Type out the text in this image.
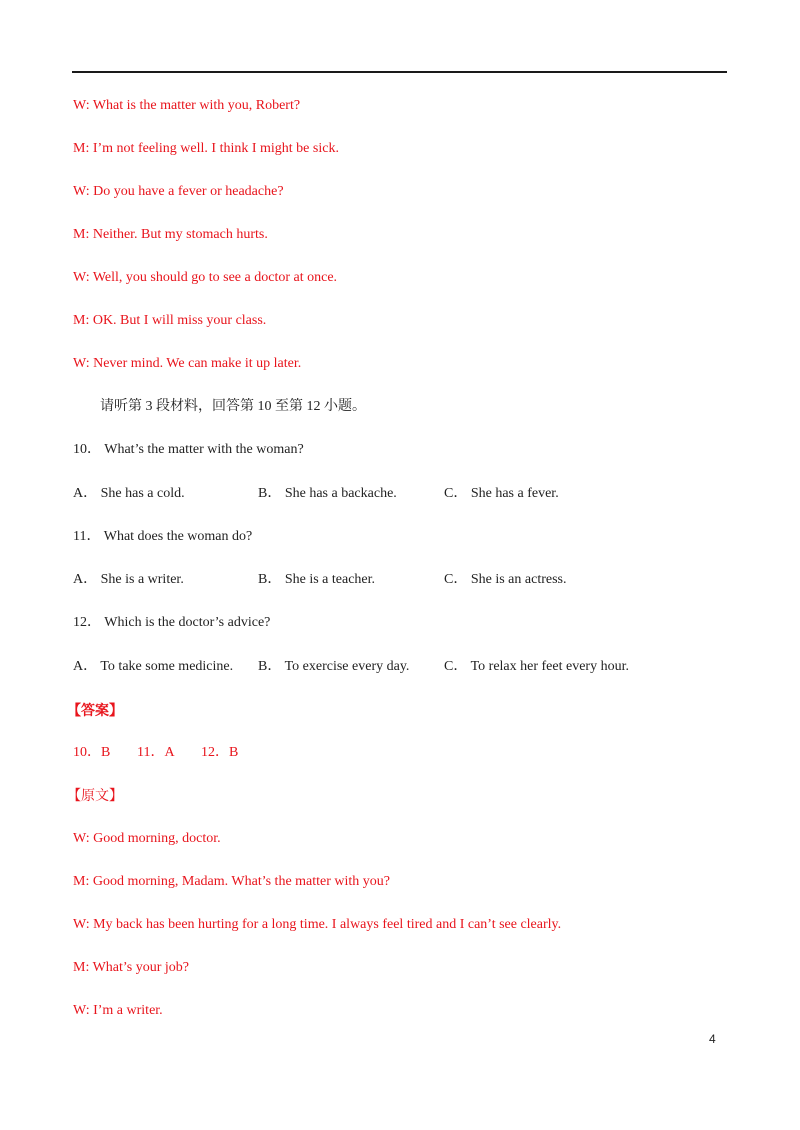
W: What is the matter with you, Robert?
M: I’m not feeling well. I think I might be sick.
W: Do you have a fever or headache?
M: Neither. But my stomach hurts.
W: Well, you should go to see a doctor at once.
M: OK. But I will miss your class.
W: Never mind. We can make it up later.
请听第 3 段材料，回答第 10 至第 12 小题。
10． What’s the matter with the woman?
A． She has a cold.	B． She has a backache.	C． She has a fever.
11． What does the woman do?
A． She is a writer.	B． She is a teacher.	C． She is an actress.
12． Which is the doctor’s advice?
A． To take some medicine. B． To exercise every day. C． To relax her feet every hour.
【答案】
10．B 11．A 12．B
【原文】
W: Good morning, doctor.
M: Good morning, Madam. What’s the matter with you?
W: My back has been hurting for a long time. I always feel tired and I can’t see clearly.
M: What’s your job?
W: I’m a writer.
4
